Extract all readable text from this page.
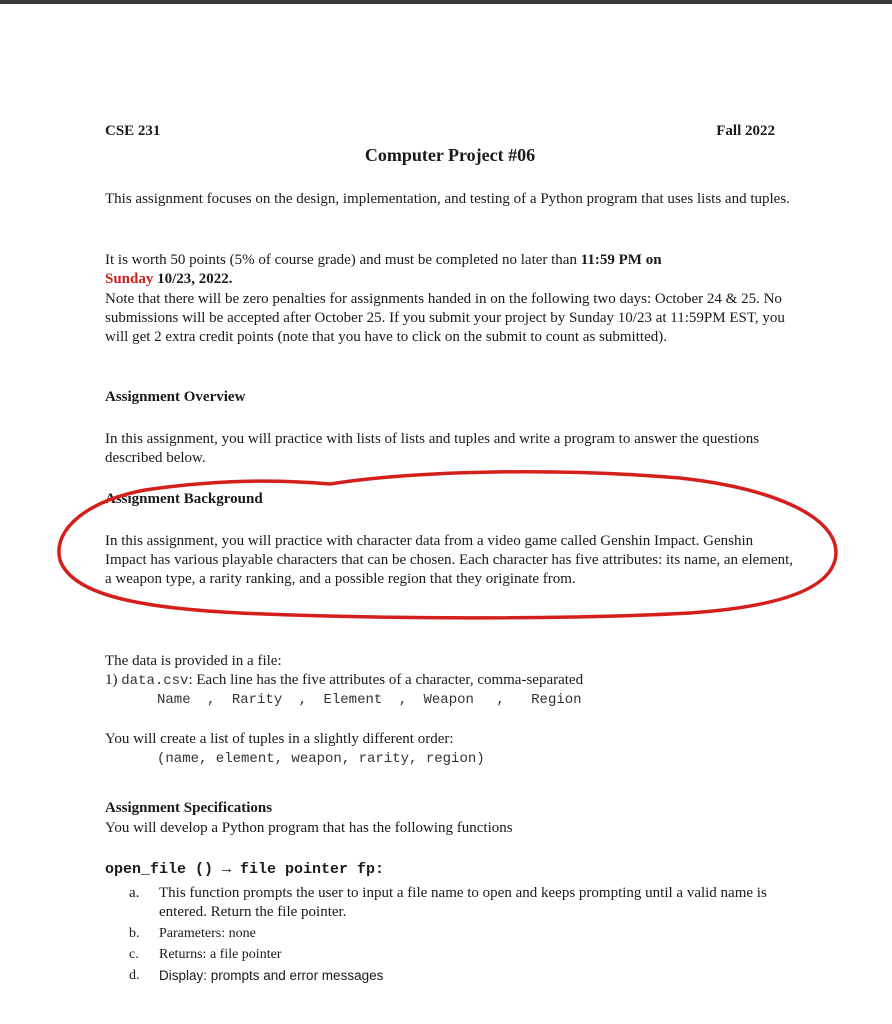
CSE 231	Fall 2022
Computer Project #06
This assignment focuses on the design, implementation, and testing of a Python program that uses lists and tuples.
It is worth 50 points (5% of course grade) and must be completed no later than 11:59 PM on
Sunday 10/23, 2022.
Note that there will be zero penalties for assignments handed in on the following two days: October 24 & 25. No submissions will be accepted after October 25. If you submit your project by Sunday 10/23 at 11:59PM EST, you will get 2 extra credit points (note that you have to click on the submit to count as submitted).
Assignment Overview
In this assignment, you will practice with lists of lists and tuples and write a program to answer the questions described below.
Assignment Background
In this assignment, you will practice with character data from a video game called Genshin Impact. Genshin Impact has various playable characters that can be chosen. Each character has five attributes: its name, an element, a weapon type, a rarity ranking, and a possible region that they originate from.
The data is provided in a file:
1) data.csv: Each line has the five attributes of a character, comma-separated
Name , Rarity , Element , Weapon , Region
You will create a list of tuples in a slightly different order:
(name, element, weapon, rarity, region)
Assignment Specifications
You will develop a Python program that has the following functions
open_file () → file pointer fp:
a. This function prompts the user to input a file name to open and keeps prompting until a valid name is entered. Return the file pointer.
b. Parameters: none
c. Returns: a file pointer
d. Display: prompts and error messages
